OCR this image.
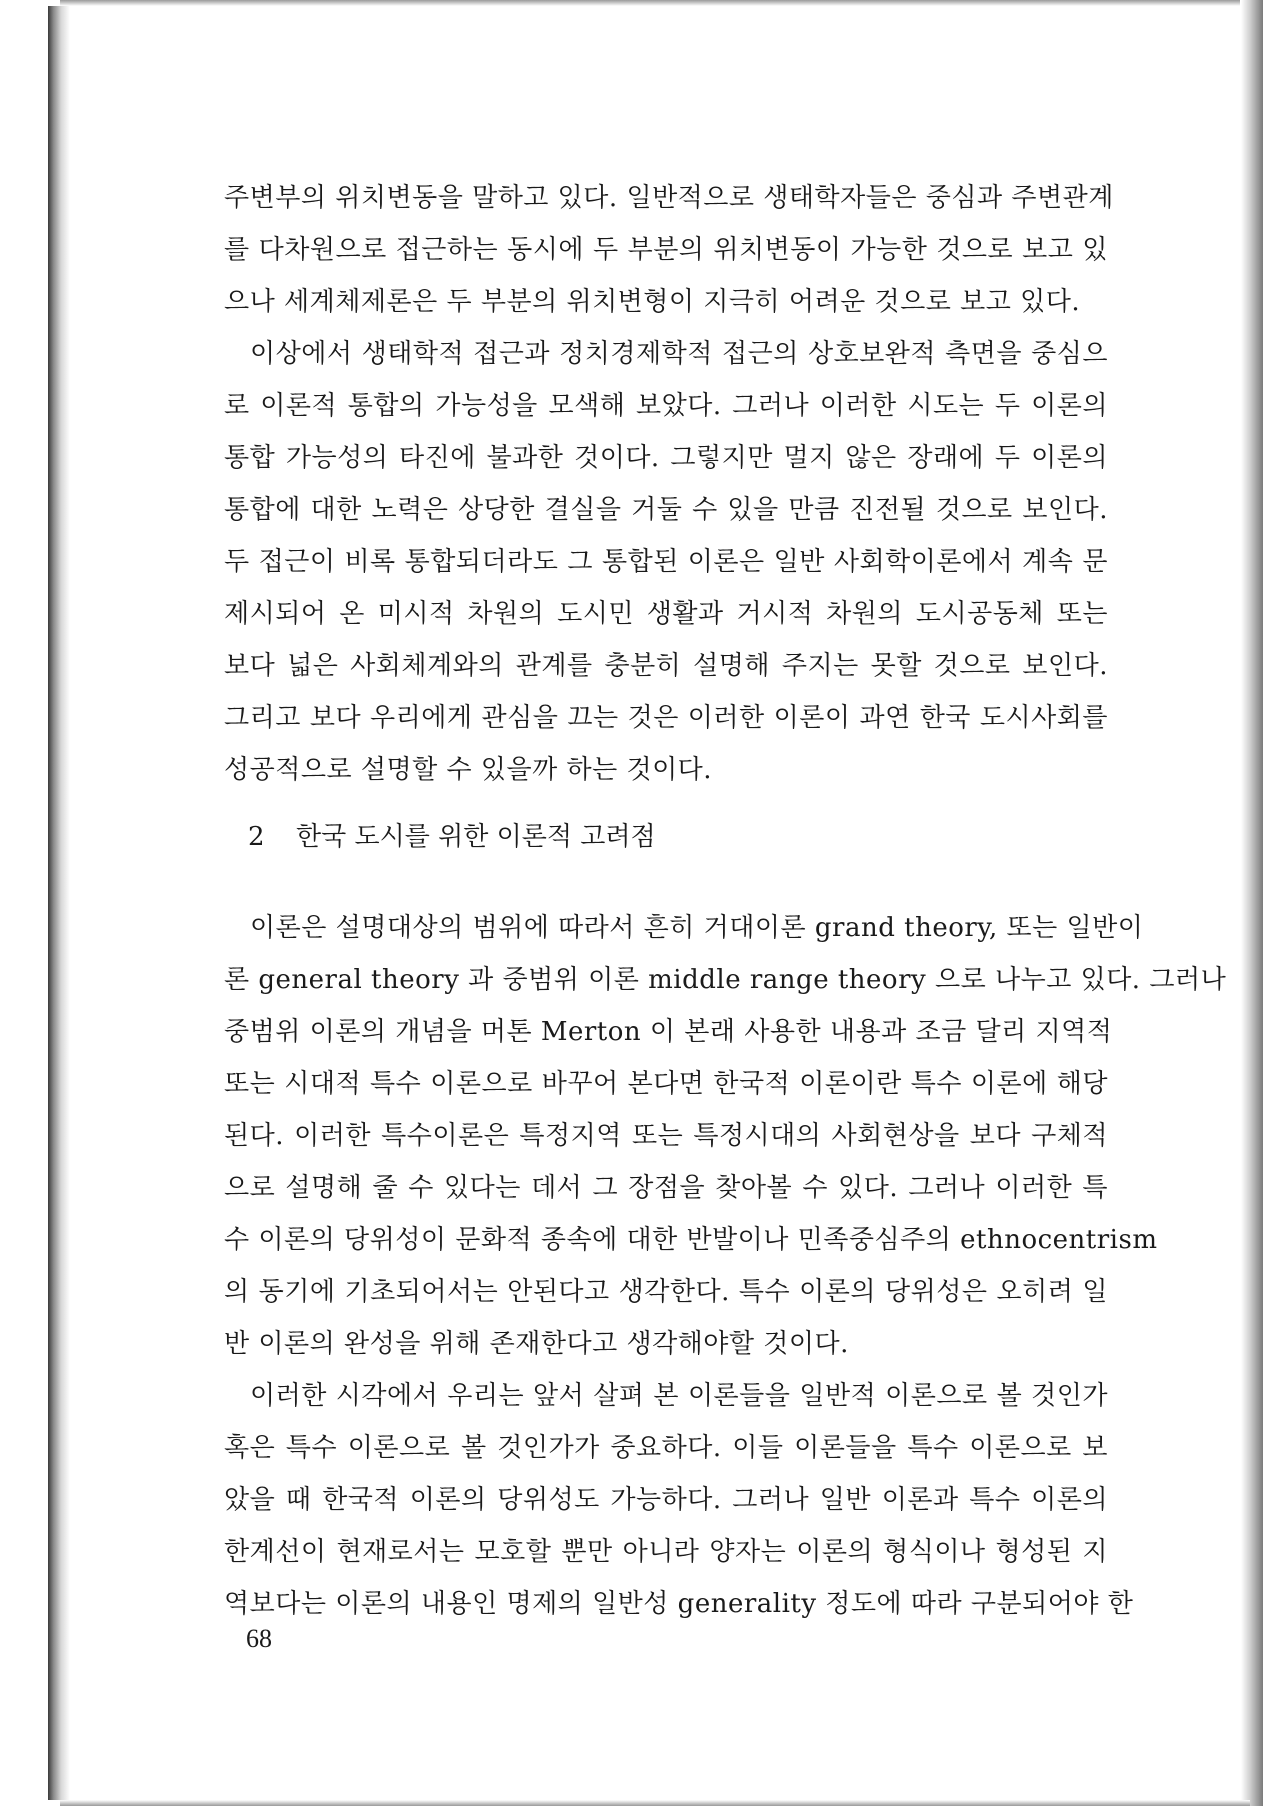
주변부의 위치변동을 말하고 있다. 일반적으로 생태학자들은 중심과 주변관계
를 다차원으로 접근하는 동시에 두 부분의 위치변동이 가능한 것으로 보고 있
으나 세계체제론은 두 부분의 위치변형이 지극히 어려운 것으로 보고 있다.
이상에서 생태학적 접근과 정치경제학적 접근의 상호보완적 측면을 중심으
로 이론적 통합의 가능성을 모색해 보았다. 그러나 이러한 시도는 두 이론의
통합 가능성의 타진에 불과한 것이다. 그렇지만 멀지 않은 장래에 두 이론의
통합에 대한 노력은 상당한 결실을 거둘 수 있을 만큼 진전될 것으로 보인다.
두 접근이 비록 통합되더라도 그 통합된 이론은 일반 사회학이론에서 계속 문
제시되어 온 미시적 차원의 도시민 생활과 거시적 차원의 도시공동체 또는
보다 넓은 사회체계와의 관계를 충분히 설명해 주지는 못할 것으로 보인다.
그리고 보다 우리에게 관심을 끄는 것은 이러한 이론이 과연 한국 도시사회를
성공적으로 설명할 수 있을까 하는 것이다.
2 한국 도시를 위한 이론적 고려점
이론은 설명대상의 범위에 따라서 흔히 거대이론 grand theory, 또는 일반이
론 general theory 과 중범위 이론 middle range theory 으로 나누고 있다. 그러나
중범위 이론의 개념을 머톤 Merton 이 본래 사용한 내용과 조금 달리 지역적
또는 시대적 특수 이론으로 바꾸어 본다면 한국적 이론이란 특수 이론에 해당
된다. 이러한 특수이론은 특정지역 또는 특정시대의 사회현상을 보다 구체적
으로 설명해 줄 수 있다는 데서 그 장점을 찾아볼 수 있다. 그러나 이러한 특
수 이론의 당위성이 문화적 종속에 대한 반발이나 민족중심주의 ethnocentrism
의 동기에 기초되어서는 안된다고 생각한다. 특수 이론의 당위성은 오히려 일
반 이론의 완성을 위해 존재한다고 생각해야할 것이다.
이러한 시각에서 우리는 앞서 살펴 본 이론들을 일반적 이론으로 볼 것인가
혹은 특수 이론으로 볼 것인가가 중요하다. 이들 이론들을 특수 이론으로 보
았을 때 한국적 이론의 당위성도 가능하다. 그러나 일반 이론과 특수 이론의
한계선이 현재로서는 모호할 뿐만 아니라 양자는 이론의 형식이나 형성된 지
역보다는 이론의 내용인 명제의 일반성 generality 정도에 따라 구분되어야 한
68
